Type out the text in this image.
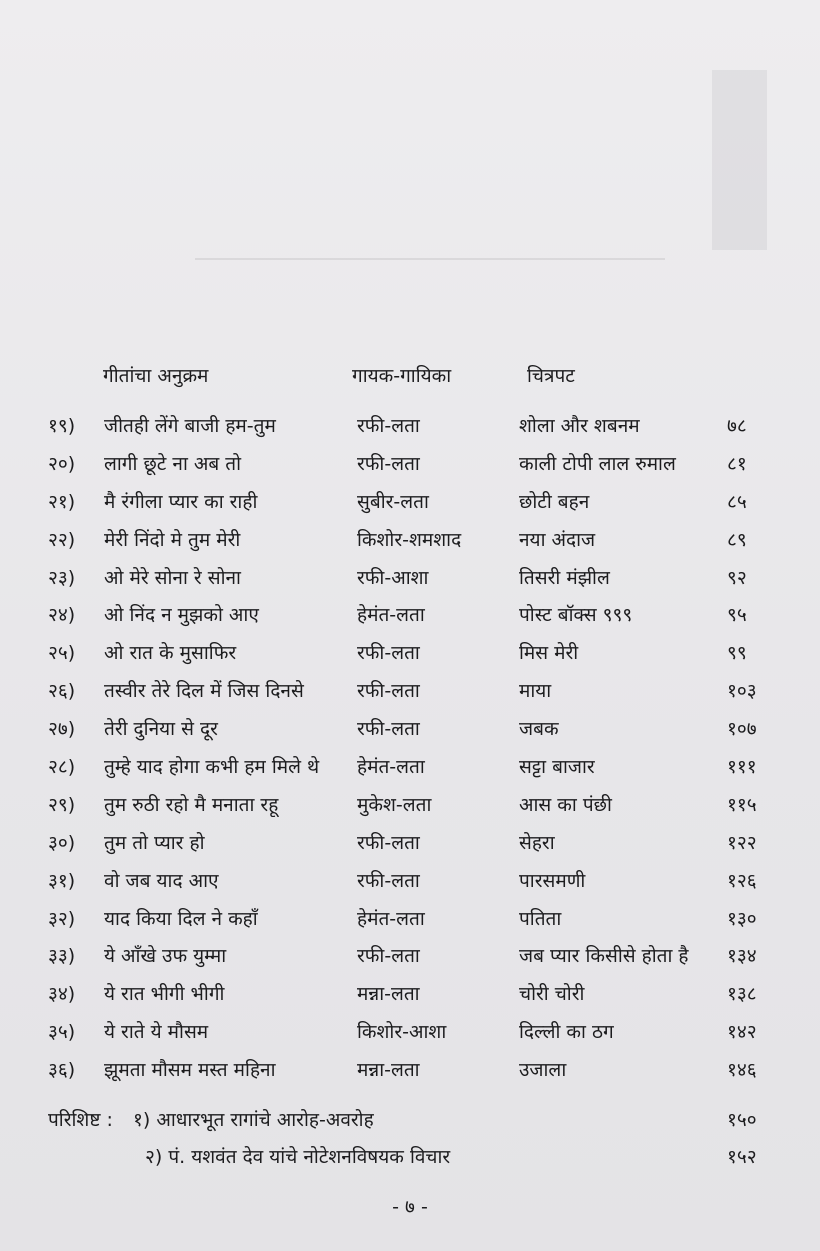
गीतांचा अनुक्रम	गायक-गायिका	चित्रपट
१९)	जीतही लेंगे बाजी हम-तुम	रफी-लता	शोला और शबनम	७८
२०)	लागी छूटे ना अब तो	रफी-लता	काली टोपी लाल रुमाल	८१
२१)	मै रंगीला प्यार का राही	सुबीर-लता	छोटी बहन	८५
२२)	मेरी निंदो मे तुम मेरी	किशोर-शमशाद	नया अंदाज	८९
२३)	ओ मेरे सोना रे सोना	रफी-आशा	तिसरी मंझील	९२
२४)	ओ निंद न मुझको आए	हेमंत-लता	पोस्ट बॉक्स ९९९	९५
२५)	ओ रात के मुसाफिर	रफी-लता	मिस मेरी	९९
२६)	तस्वीर तेरे दिल में जिस दिनसे	रफी-लता	माया	१०३
२७)	तेरी दुनिया से दूर	रफी-लता	जबक	१०७
२८)	तुम्हे याद होगा कभी हम मिले थे	हेमंत-लता	सट्टा बाजार	१११
२९)	तुम रुठी रहो मै मनाता रहू	मुकेश-लता	आस का पंछी	११५
३०)	तुम तो प्यार हो	रफी-लता	सेहरा	१२२
३१)	वो जब याद आए	रफी-लता	पारसमणी	१२६
३२)	याद किया दिल ने कहाँ	हेमंत-लता	पतिता	१३०
३३)	ये आँखे उफ युम्मा	रफी-लता	जब प्यार किसीसे होता है	१३४
३४)	ये रात भीगी भीगी	मन्ना-लता	चोरी चोरी	१३८
३५)	ये राते ये मौसम	किशोर-आशा	दिल्ली का ठग	१४२
३६)	झूमता मौसम मस्त महिना	मन्ना-लता	उजाला	१४६
परिशिष्ट : १) आधारभूत रागांचे आरोह-अवरोह	१५०
२) पं. यशवंत देव यांचे नोटेशनविषयक विचार	१५२
- ७ -
